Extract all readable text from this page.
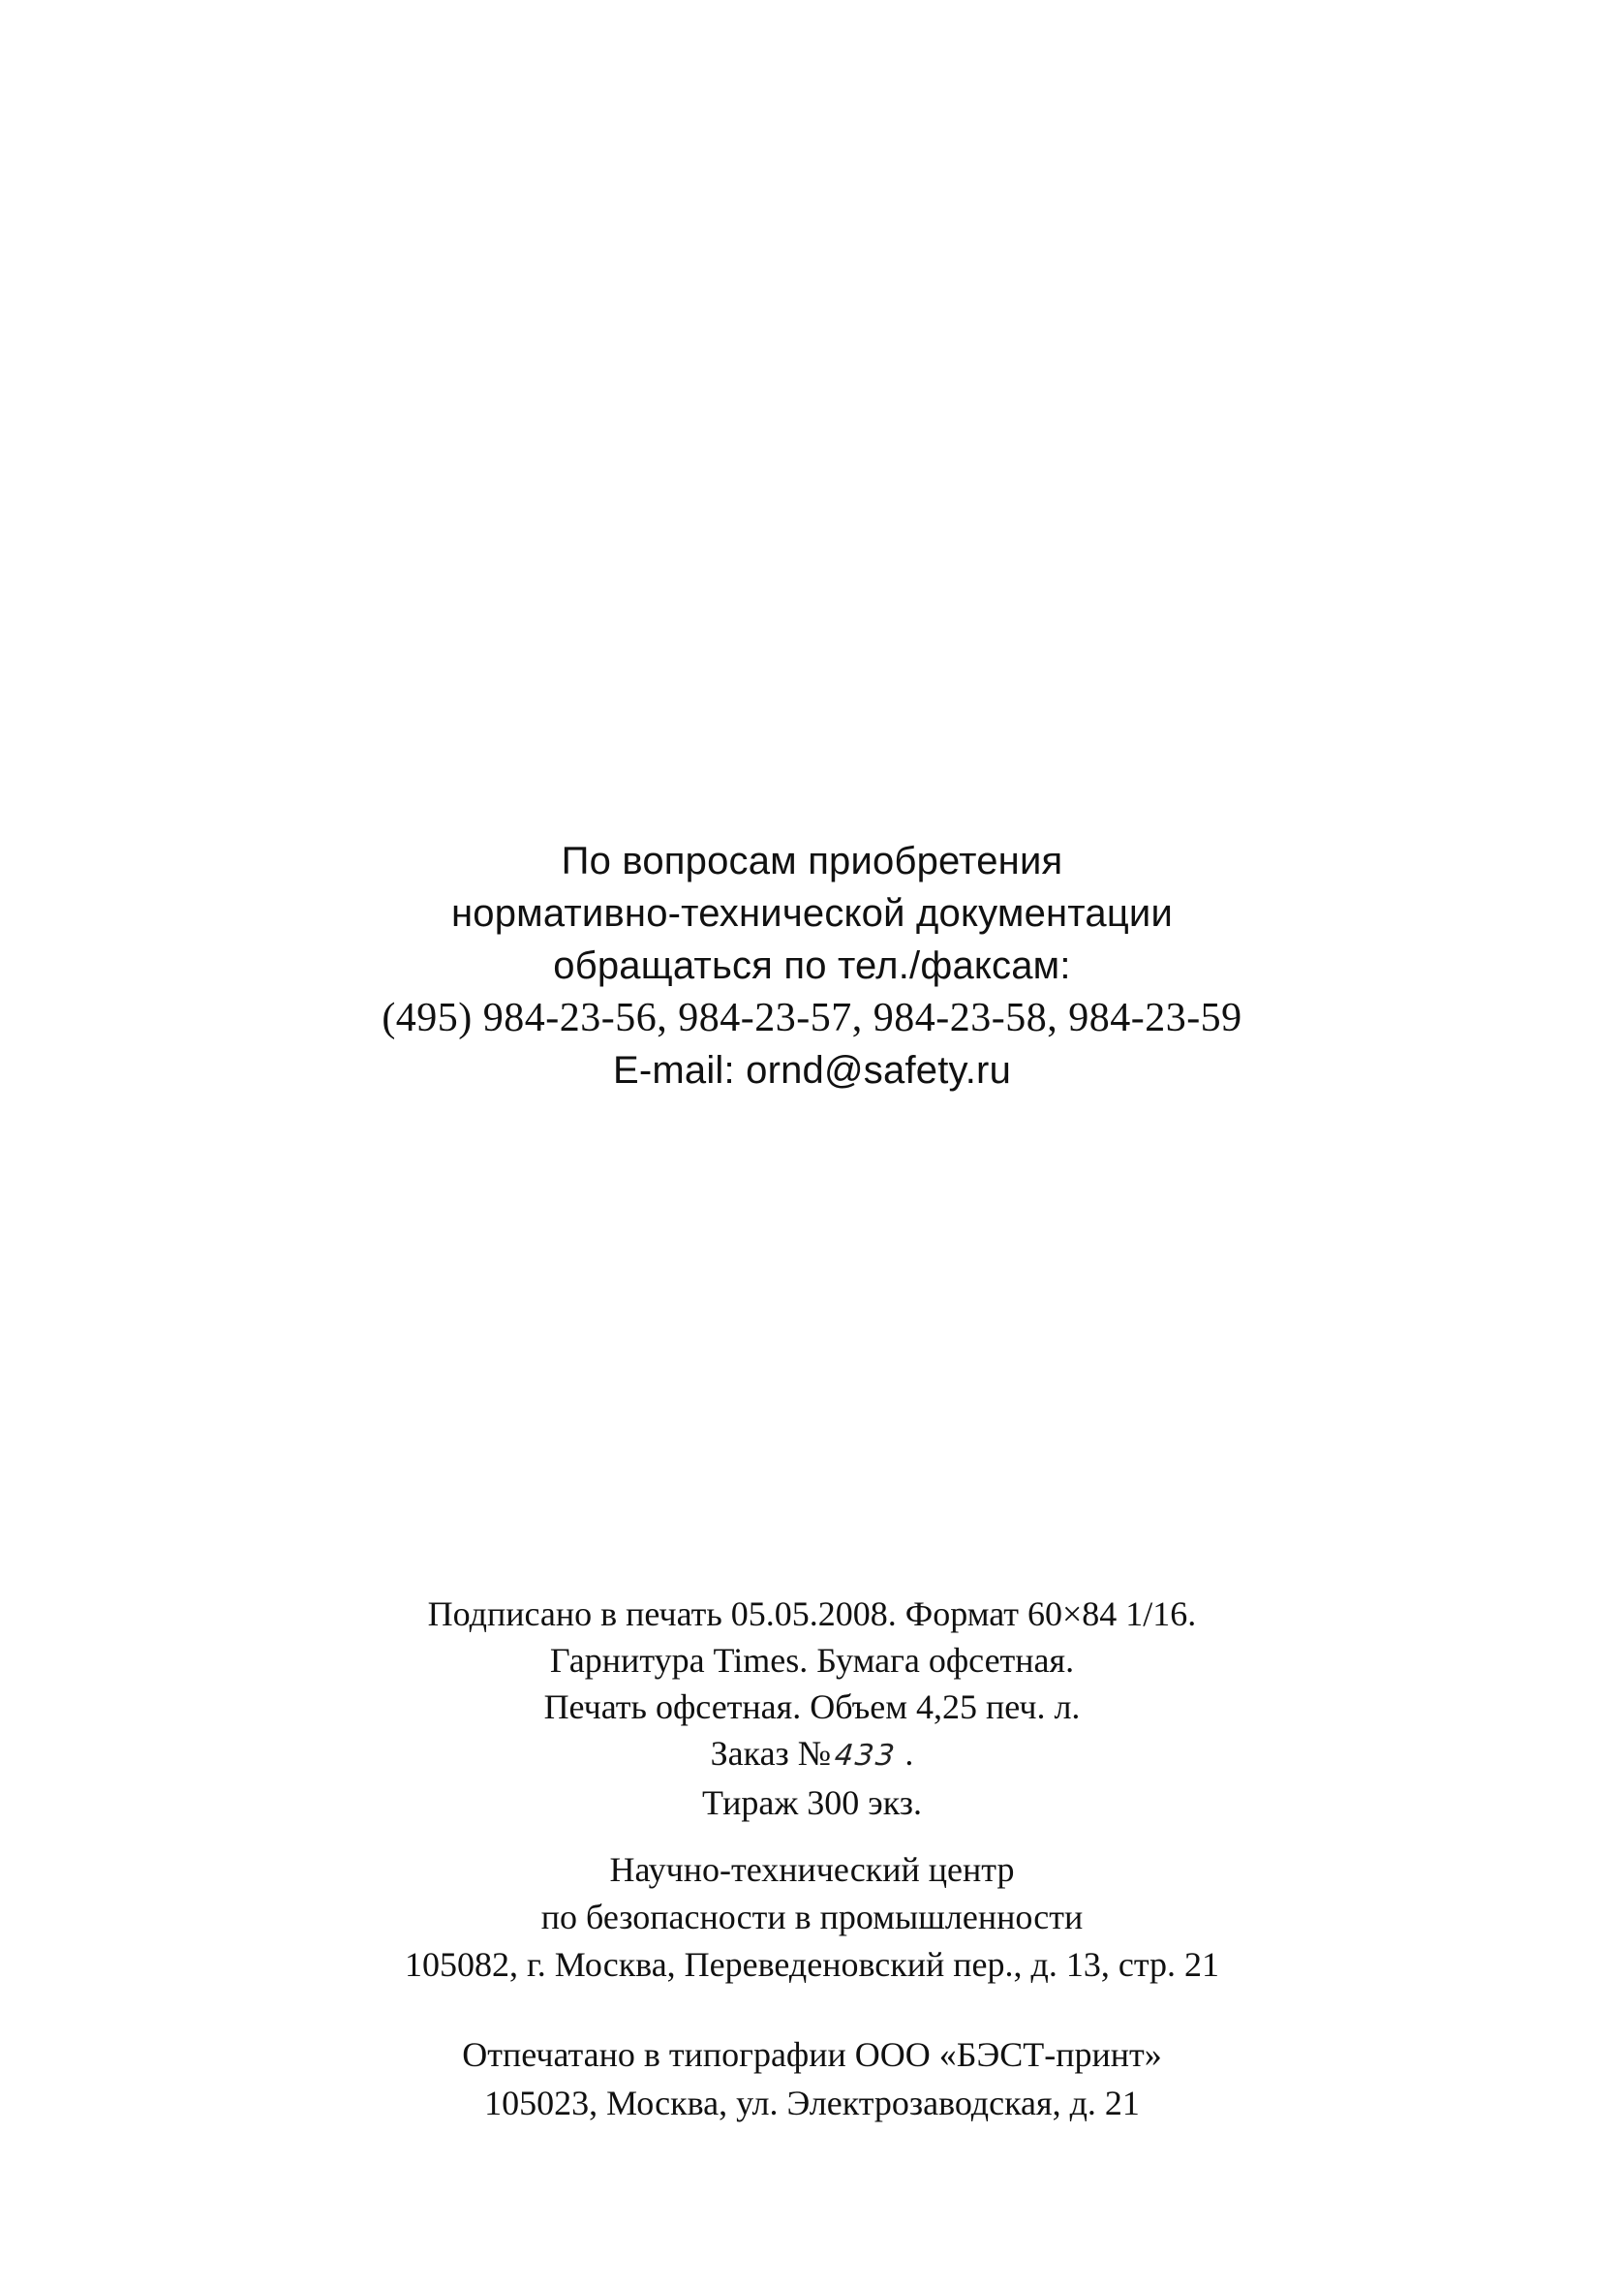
По вопросам приобретения
нормативно-технической документации
обращаться по тел./факсам:
(495) 984-23-56, 984-23-57, 984-23-58, 984-23-59
E-mail: ornd@safety.ru
Подписано в печать 05.05.2008. Формат 60×84 1/16.
Гарнитура Times. Бумага офсетная.
Печать офсетная. Объем 4,25 печ. л.
Заказ №433 .
Тираж 300 экз.
Научно-технический центр
по безопасности в промышленности
105082, г. Москва, Переведеновский пер., д. 13, стр. 21
Отпечатано в типографии ООО «БЭСТ-принт»
105023, Москва, ул. Электрозаводская, д. 21
